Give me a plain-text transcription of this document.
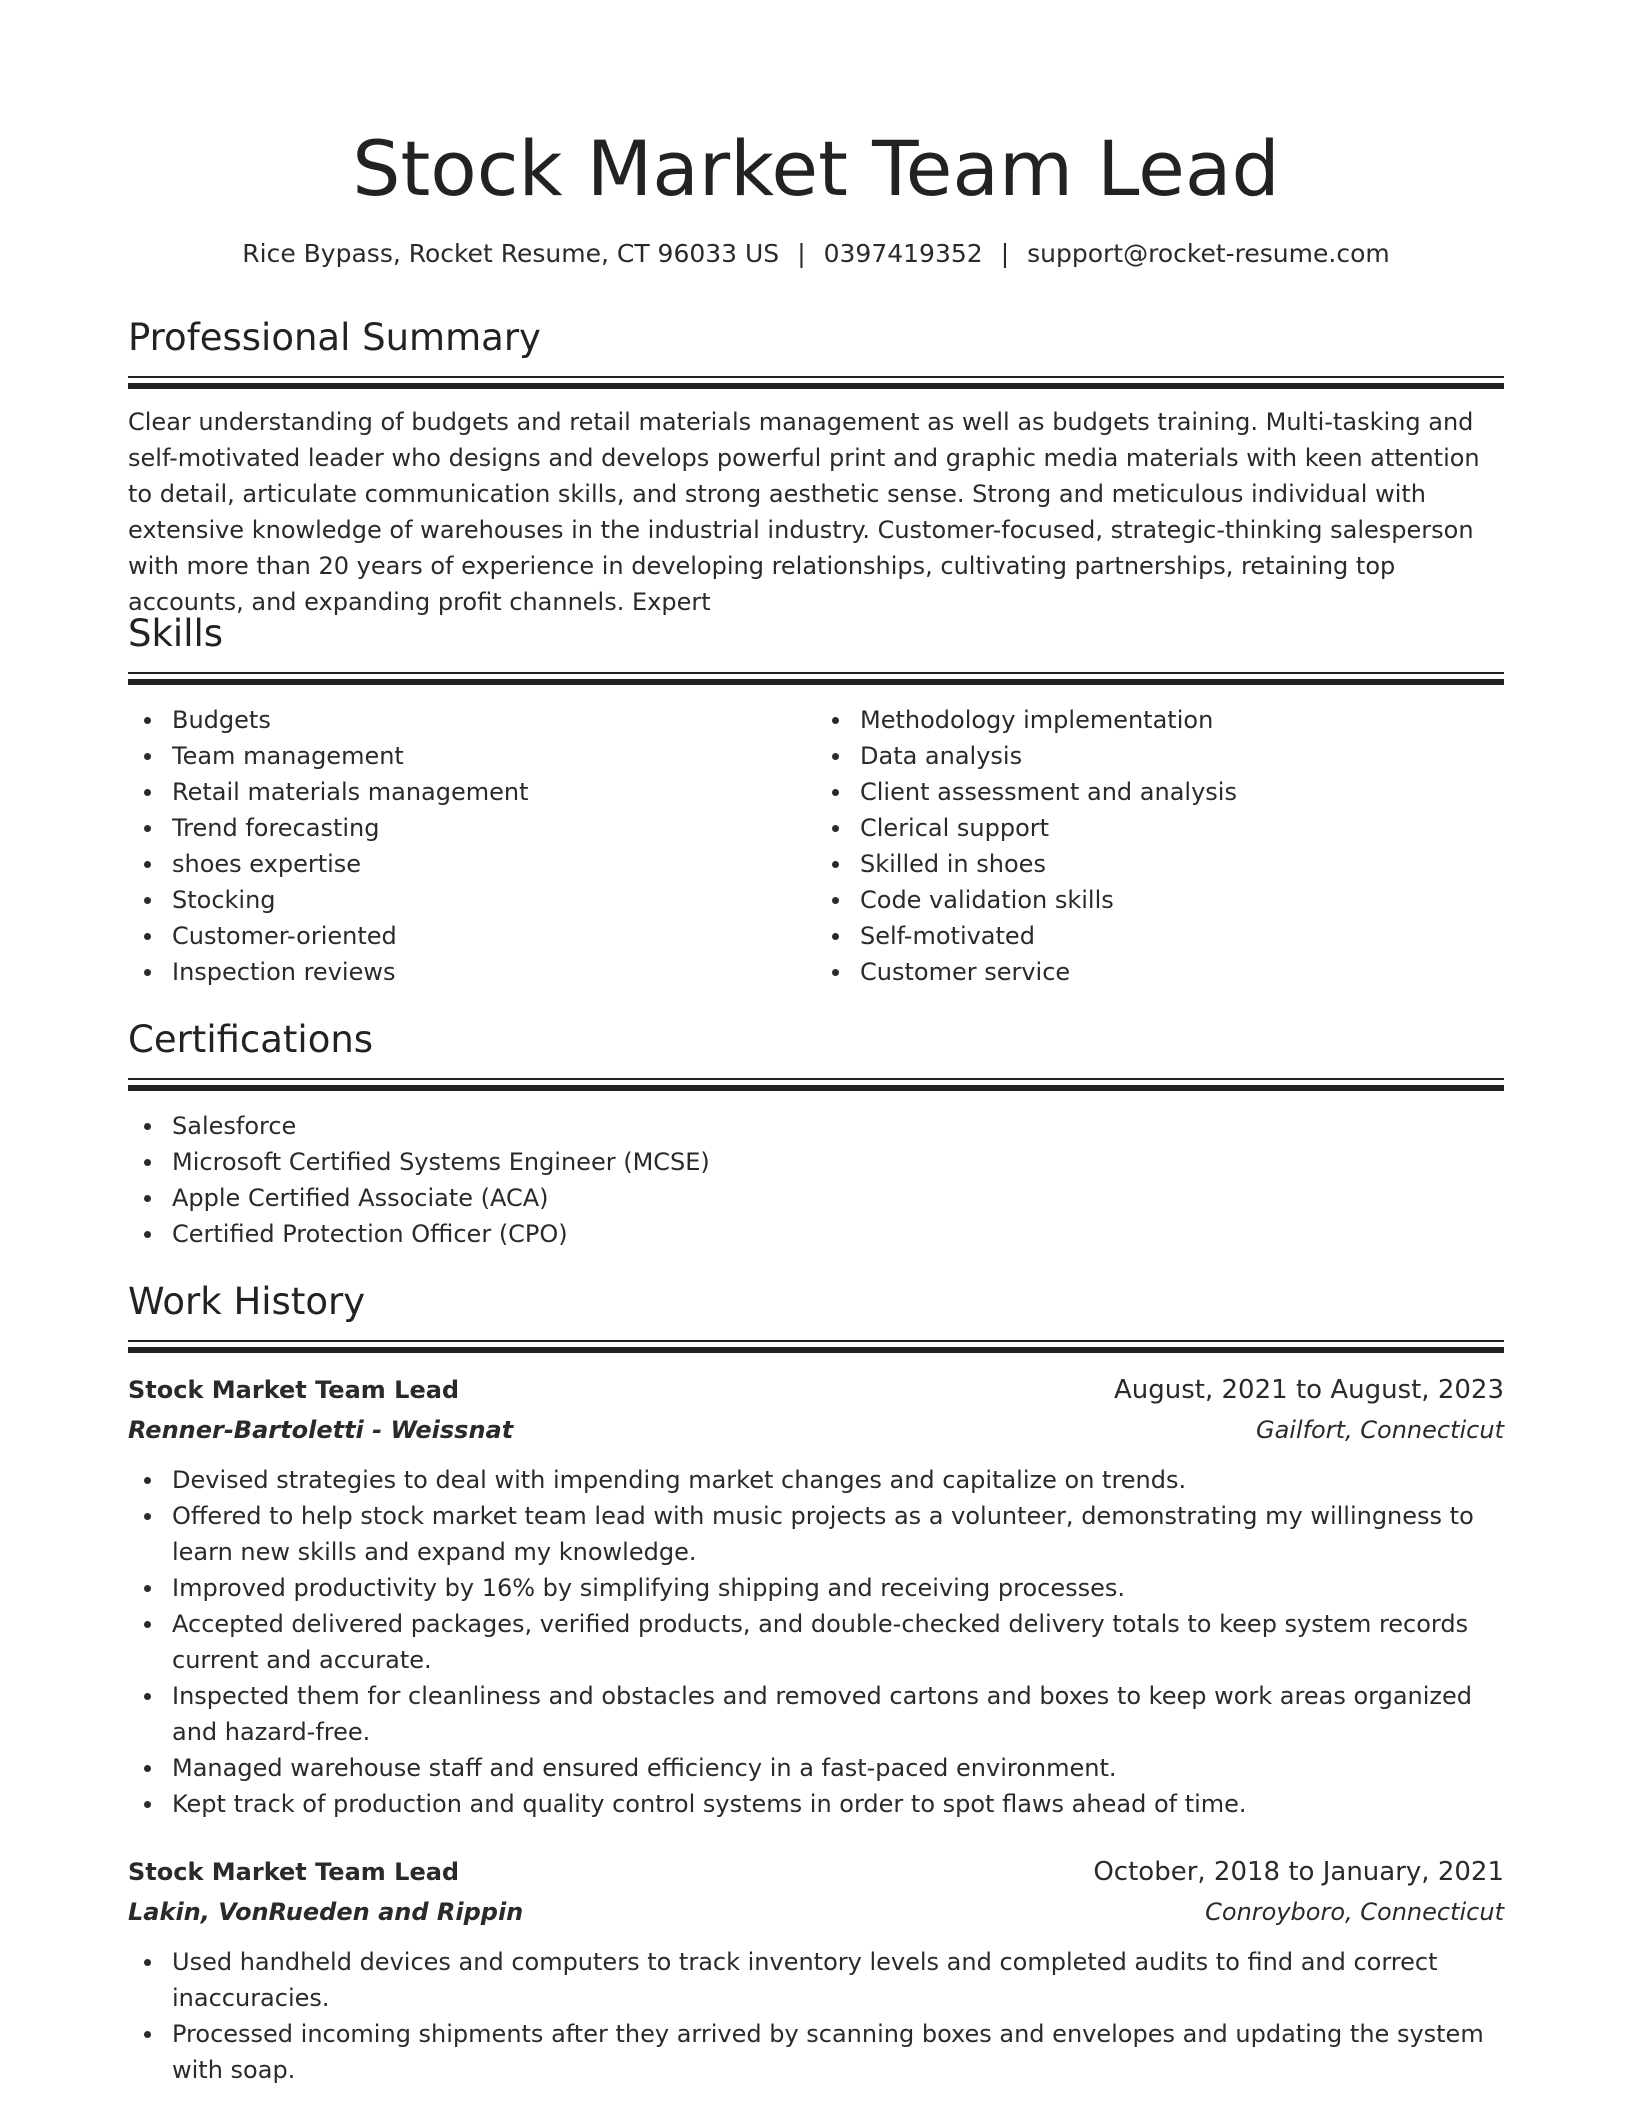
Stock Market Team Lead
Rice Bypass, Rocket Resume, CT 96033 US | 0397419352 | support@rocket-resume.com
Professional Summary
Clear understanding of budgets and retail materials management as well as budgets training. Multi-tasking and self-motivated leader who designs and develops powerful print and graphic media materials with keen attention to detail, articulate communication skills, and strong aesthetic sense. Strong and meticulous individual with extensive knowledge of warehouses in the industrial industry. Customer-focused, strategic-thinking salesperson with more than 20 years of experience in developing relationships, cultivating partnerships, retaining top accounts, and expanding profit channels. Expert
Skills
Budgets
Team management
Retail materials management
Trend forecasting
shoes expertise
Stocking
Customer-oriented
Inspection reviews
Methodology implementation
Data analysis
Client assessment and analysis
Clerical support
Skilled in shoes
Code validation skills
Self-motivated
Customer service
Certifications
Salesforce
Microsoft Certified Systems Engineer (MCSE)
Apple Certified Associate (ACA)
Certified Protection Officer (CPO)
Work History
Stock Market Team Lead	August, 2021 to August, 2023
Renner-Bartoletti - Weissnat	Gailfort, Connecticut
Devised strategies to deal with impending market changes and capitalize on trends.
Offered to help stock market team lead with music projects as a volunteer, demonstrating my willingness to learn new skills and expand my knowledge.
Improved productivity by 16% by simplifying shipping and receiving processes.
Accepted delivered packages, verified products, and double-checked delivery totals to keep system records current and accurate.
Inspected them for cleanliness and obstacles and removed cartons and boxes to keep work areas organized and hazard-free.
Managed warehouse staff and ensured efficiency in a fast-paced environment.
Kept track of production and quality control systems in order to spot flaws ahead of time.
Stock Market Team Lead	October, 2018 to January, 2021
Lakin, VonRueden and Rippin	Conroyboro, Connecticut
Used handheld devices and computers to track inventory levels and completed audits to find and correct inaccuracies.
Processed incoming shipments after they arrived by scanning boxes and envelopes and updating the system with soap.
